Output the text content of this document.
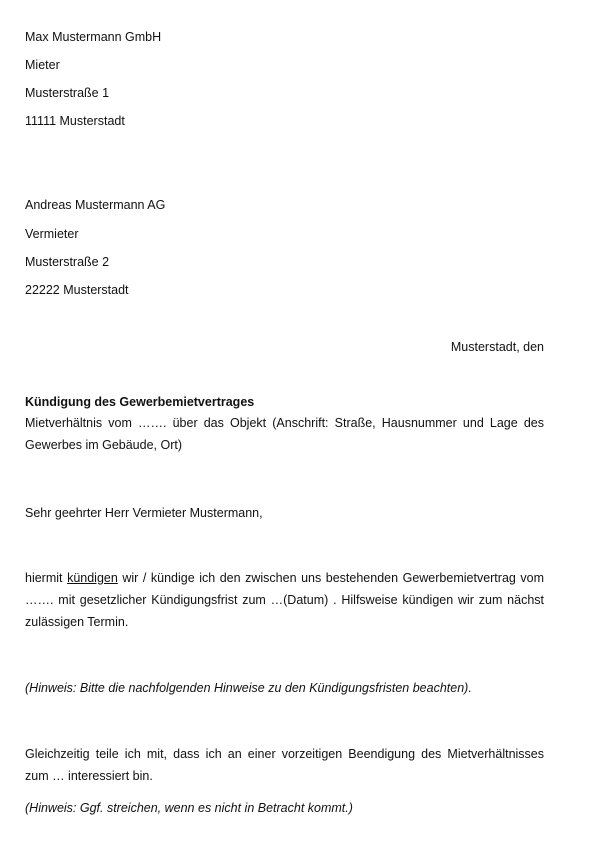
Max Mustermann GmbH
Mieter
Musterstraße 1
11111 Musterstadt
Andreas Mustermann AG
Vermieter
Musterstraße 2
22222 Musterstadt
Musterstadt, den
Kündigung des Gewerbemietvertrages
Mietverhältnis vom ……. über das Objekt (Anschrift: Straße, Hausnummer und Lage des
Gewerbes im Gebäude, Ort)
Sehr geehrter Herr Vermieter Mustermann,
hiermit kündigen wir / kündige ich den zwischen uns bestehenden Gewerbemietvertrag vom
……. mit gesetzlicher Kündigungsfrist zum …(Datum) . Hilfsweise kündigen wir zum nächst
zulässigen Termin.
(Hinweis: Bitte die nachfolgenden Hinweise zu den Kündigungsfristen beachten).
Gleichzeitig teile ich mit, dass ich an einer vorzeitigen Beendigung des Mietverhältnisses
zum … interessiert bin.
(Hinweis: Ggf. streichen, wenn es nicht in Betracht kommt.)
